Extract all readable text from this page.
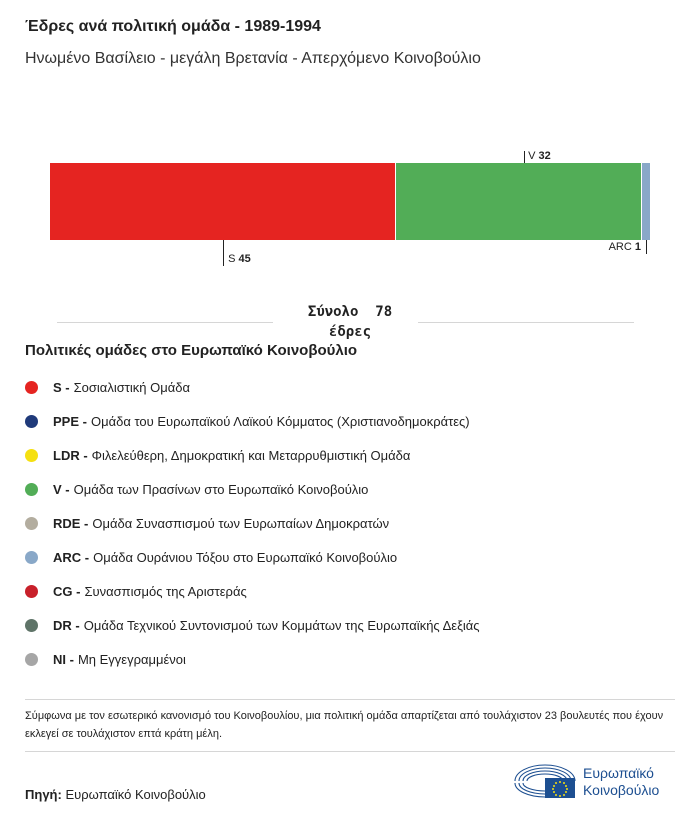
Έδρες ανά πολιτική ομάδα - 1989-1994
Ηνωμένο Βασίλειο - μεγάλη Βρετανία - Απερχόμενο Κοινοβούλιο
S 45
V 32
ARC 1
Σύνολο 78
έδρες
Πολιτικές ομάδες στο Ευρωπαϊκό Κοινοβούλιο
S - Σοσιαλιστική Ομάδα
PPE - Ομάδα του Ευρωπαϊκού Λαϊκού Κόμματος (Χριστιανοδημοκράτες)
LDR - Φιλελεύθερη, Δημοκρατική και Μεταρρυθμιστική Ομάδα
V - Ομάδα των Πρασίνων στο Ευρωπαϊκό Κοινοβούλιο
RDE - Ομάδα Συνασπισμού των Ευρωπαίων Δημοκρατών
ARC - Ομάδα Ουράνιου Τόξου στο Ευρωπαϊκό Κοινοβούλιο
CG - Συνασπισμός της Αριστεράς
DR - Ομάδα Τεχνικού Συντονισμού των Κομμάτων της Ευρωπαϊκής Δεξιάς
NI - Μη Εγγεγραμμένοι
Σύμφωνα με τον εσωτερικό κανονισμό του Κοινοβουλίου, μια πολιτική ομάδα απαρτίζεται από τουλάχιστον 23 βουλευτές που έχουν εκλεγεί σε τουλάχιστον επτά κράτη μέλη.
Πηγή: Ευρωπαϊκό Κοινοβούλιο
Ευρωπαϊκό
Κοινοβούλιο
